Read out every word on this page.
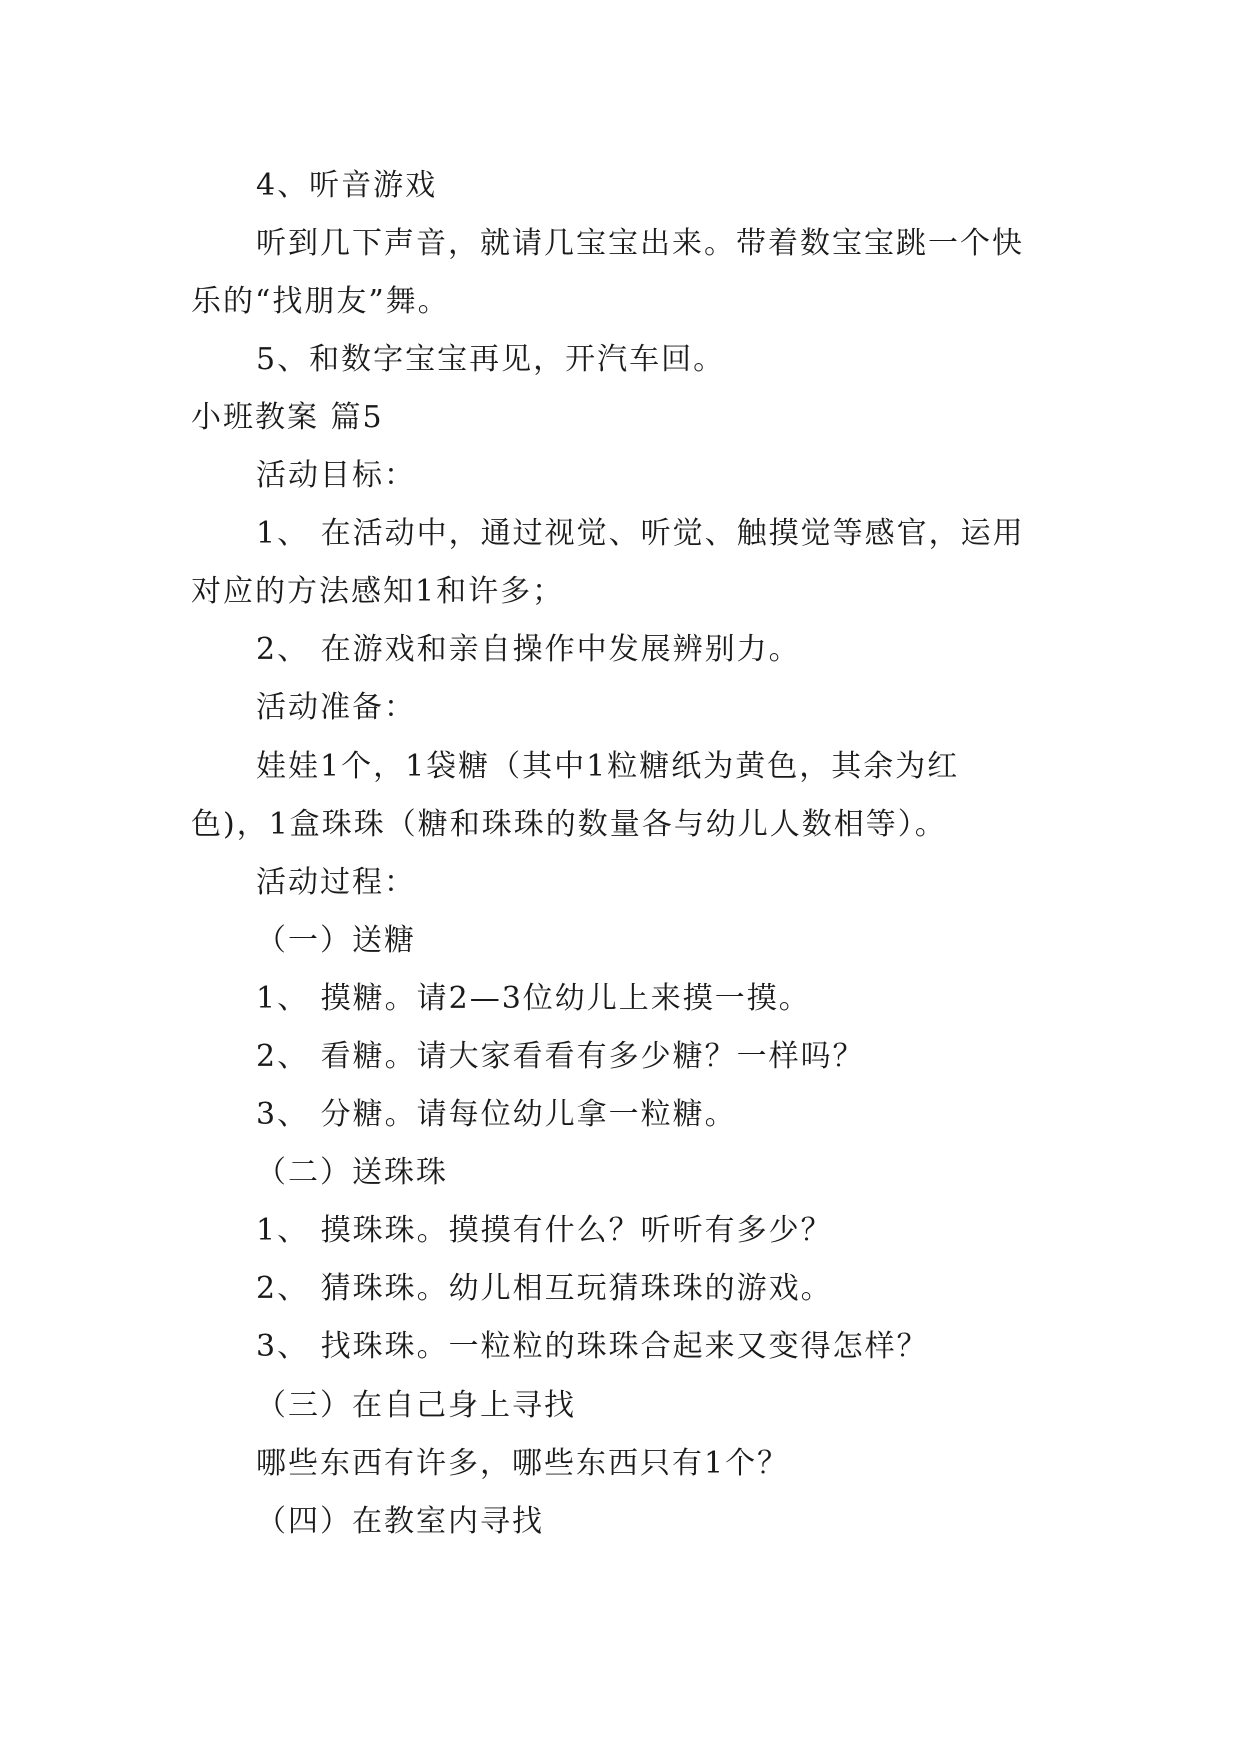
4、听音游戏
听到几下声音，就请几宝宝出来。带着数宝宝跳一个快
乐的“找朋友”舞。
5、和数字宝宝再见，开汽车回。
小班教案 篇5
活动目标：
1、 在活动中，通过视觉、听觉、触摸觉等感官，运用
对应的方法感知1和许多；
2、 在游戏和亲自操作中发展辨别力。
活动准备：
娃娃1个，1袋糖（其中1粒糖纸为黄色，其余为红
色)，1盒珠珠（糖和珠珠的数量各与幼儿人数相等）。
活动过程：
（一）送糖
1、 摸糖。请2—3位幼儿上来摸一摸。
2、 看糖。请大家看看有多少糖？一样吗？
3、 分糖。请每位幼儿拿一粒糖。
（二）送珠珠
1、 摸珠珠。摸摸有什么？听听有多少？
2、 猜珠珠。幼儿相互玩猜珠珠的游戏。
3、 找珠珠。一粒粒的珠珠合起来又变得怎样？
（三）在自己身上寻找
哪些东西有许多，哪些东西只有1个？
（四）在教室内寻找
